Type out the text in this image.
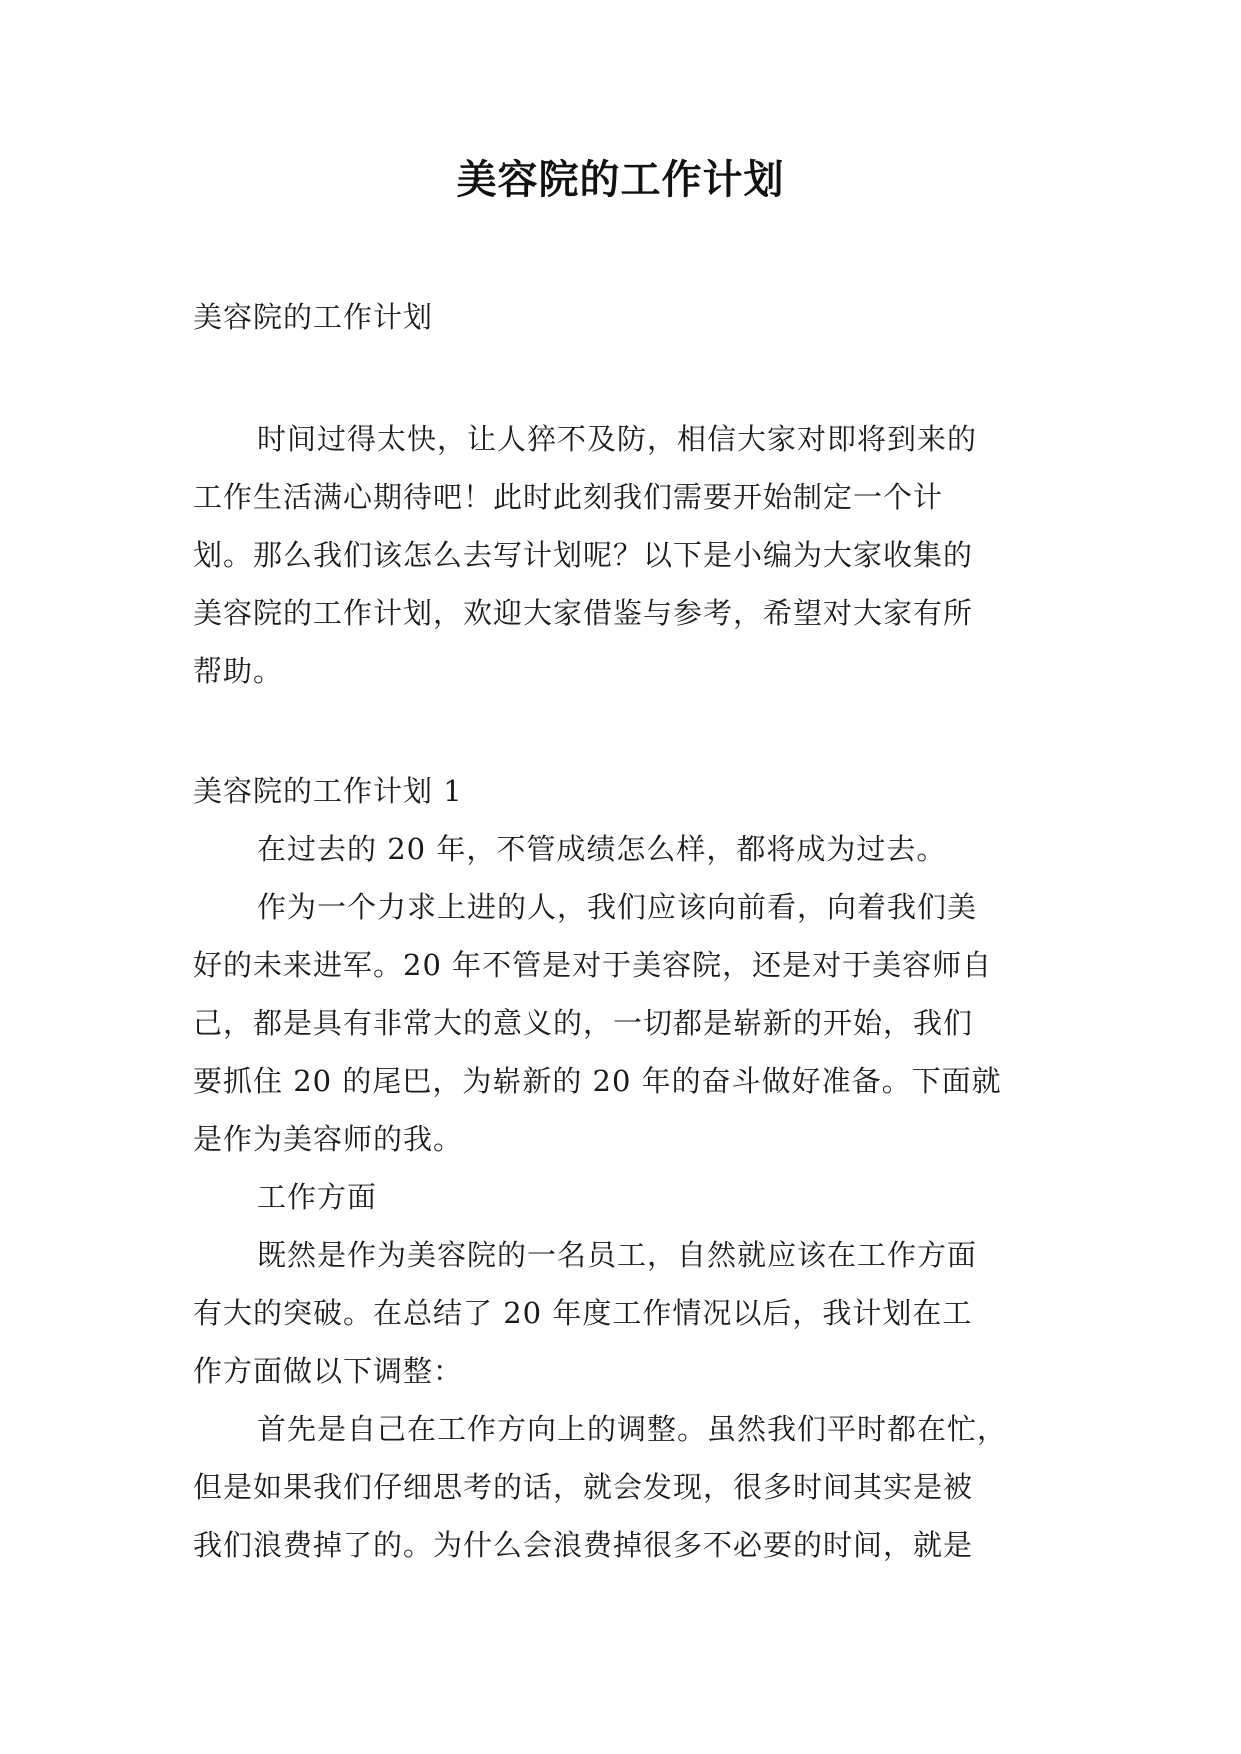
美容院的工作计划

美容院的工作计划

时间过得太快，让人猝不及防，相信大家对即将到来的
工作生活满心期待吧！此时此刻我们需要开始制定一个计
划。那么我们该怎么去写计划呢？以下是小编为大家收集的
美容院的工作计划，欢迎大家借鉴与参考，希望对大家有所
帮助。
美容院的工作计划 1
在过去的 20 年，不管成绩怎么样，都将成为过去。
作为一个力求上进的人，我们应该向前看，向着我们美
好的未来进军。20 年不管是对于美容院，还是对于美容师自
己，都是具有非常大的意义的，一切都是崭新的开始，我们
要抓住 20 的尾巴，为崭新的 20 年的奋斗做好准备。下面就
是作为美容师的我。
工作方面
既然是作为美容院的一名员工，自然就应该在工作方面
有大的突破。在总结了 20 年度工作情况以后，我计划在工
作方面做以下调整：
首先是自己在工作方向上的调整。虽然我们平时都在忙，
但是如果我们仔细思考的话，就会发现，很多时间其实是被
我们浪费掉了的。为什么会浪费掉很多不必要的时间，就是
